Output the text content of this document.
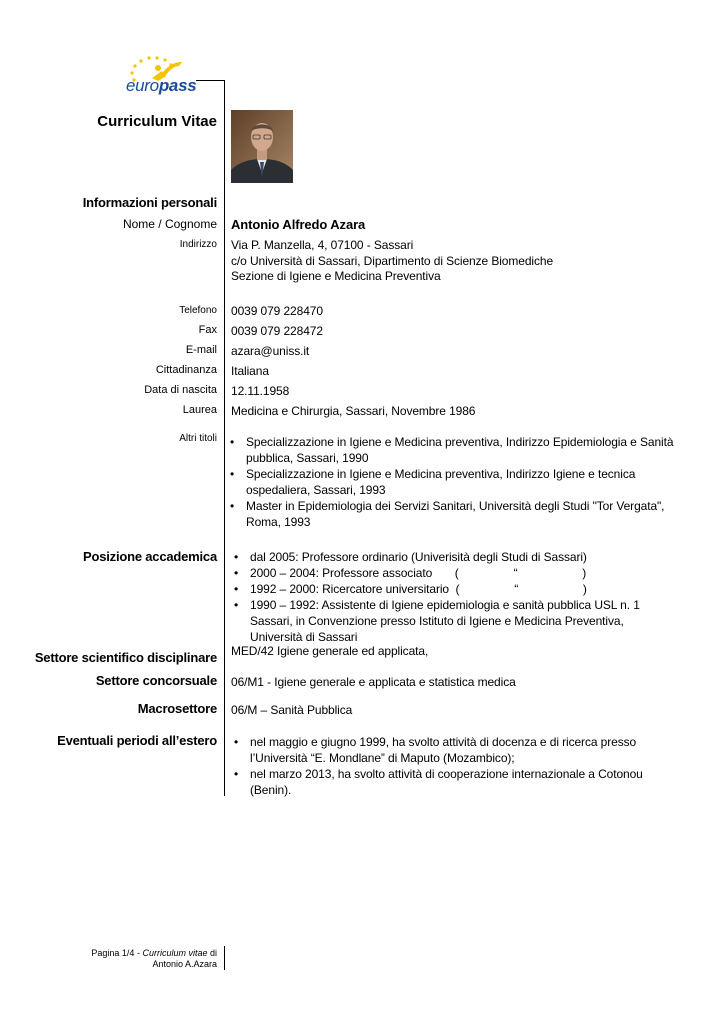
europass
Curriculum Vitae
Informazioni personali
Nome / Cognome Antonio Alfredo Azara
Indirizzo Via P. Manzella, 4, 07100 - Sassari
c/o Università di Sassari, Dipartimento di Scienze Biomediche
Sezione di Igiene e Medicina Preventiva
Telefono 0039 079 228470
Fax 0039 079 228472
E-mail azara@uniss.it
Cittadinanza Italiana
Data di nascita 12.11.1958
Laurea Medicina e Chirurgia, Sassari, Novembre 1986
Altri titoli	• Specializzazione in Igiene e Medicina preventiva, Indirizzo Epidemiologia e Sanità pubblica, Sassari, 1990
• Specializzazione in Igiene e Medicina preventiva, Indirizzo Igiene e tecnica ospedaliera, Sassari, 1993
• Master in Epidemiologia dei Servizi Sanitari, Università degli Studi "Tor Vergata", Roma, 1993
Posizione accademica	• dal 2005: Professore ordinario (Univerisità degli Studi di Sassari)
• 2000 – 2004: Professore associato       (                 “                    )
• 1992 – 2000: Ricercatore universitario  (                 “                    )
• 1990 – 1992: Assistente di Igiene epidemiologia e sanità pubblica USL n. 1 Sassari, in Convenzione presso Istituto di Igiene e Medicina Preventiva, Università di Sassari
Settore scientifico disciplinare MED/42 Igiene generale ed applicata,
Settore concorsuale 06/M1 - Igiene generale e applicata e statistica medica
Macrosettore 06/M – Sanità Pubblica
Eventuali periodi all’estero	• nel maggio e giugno 1999, ha svolto attività di docenza e di ricerca presso l’Università “E. Mondlane” di Maputo (Mozambico);
• nel marzo 2013, ha svolto attività di cooperazione internazionale a Cotonou (Benin).
Pagina 1/4 - Curriculum vitae di
Antonio A.Azara
